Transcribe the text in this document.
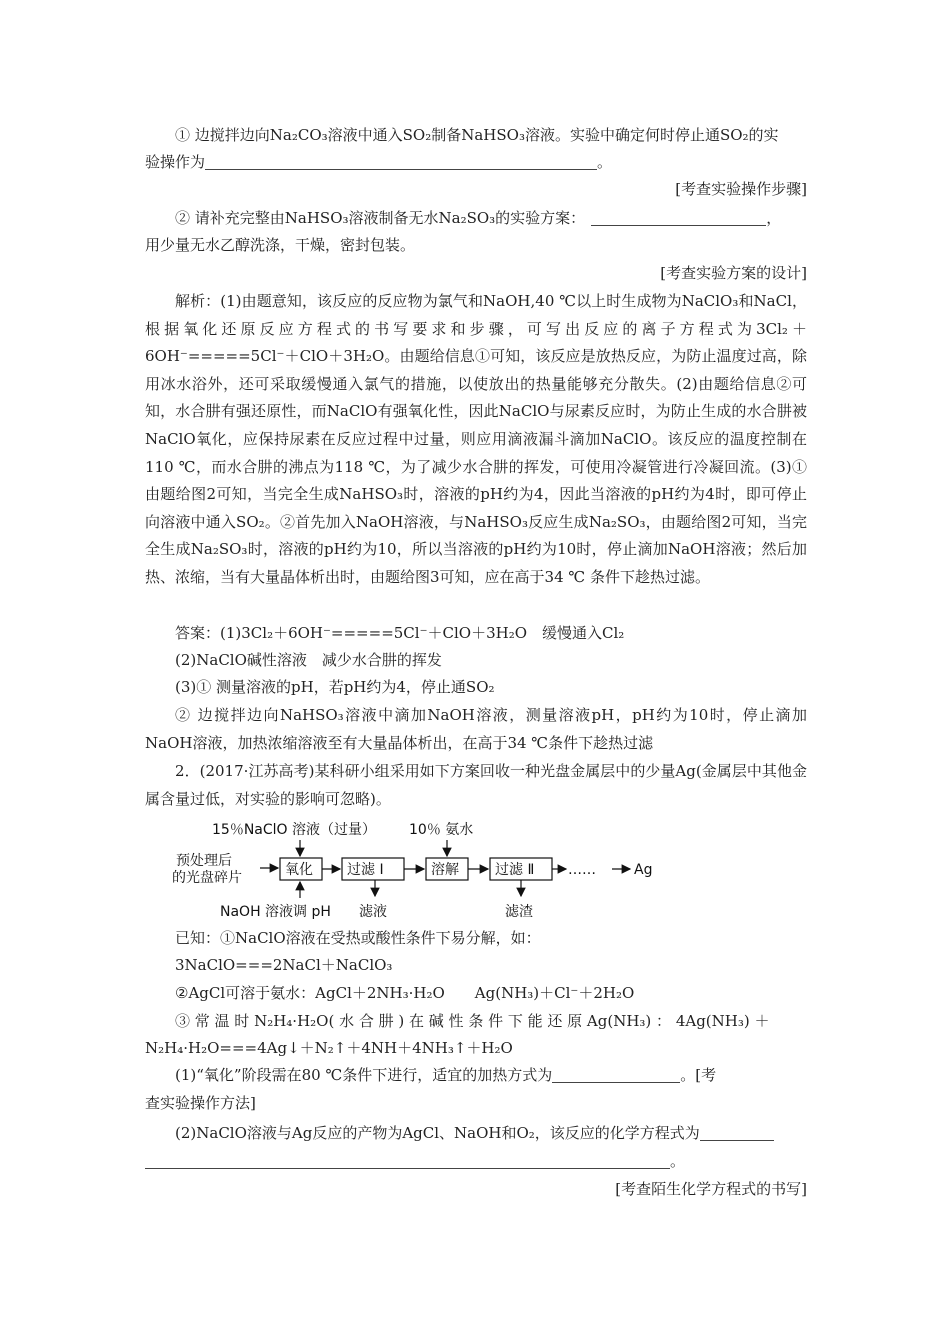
① 边搅拌边向Na₂CO₃溶液中通入SO₂制备NaHSO₃溶液。实验中确定何时停止通SO₂的实
验操作为	。
[考查实验操作步骤]
② 请补充完整由NaHSO₃溶液制备无水Na₂SO₃的实验方案：	，
用少量无水乙醇洗涤，干燥，密封包装。
[考查实验方案的设计]
解析：(1)由题意知，该反应的反应物为氯气和NaOH,40 ℃以上时生成物为NaClO₃和NaCl，根据氧化还原反应方程式的书写要求和步骤，可写出反应的离子方程式为3Cl₂＋6OH⁻=====5Cl⁻＋ClO＋3H₂O。由题给信息①可知，该反应是放热反应，为防止温度过高，除用冰水浴外，还可采取缓慢通入氯气的措施，以使放出的热量能够充分散失。(2)由题给信息②可知，水合肼有强还原性，而NaClO有强氧化性，因此NaClO与尿素反应时，为防止生成的水合肼被NaClO氧化，应保持尿素在反应过程中过量，则应用滴液漏斗滴加NaClO。该反应的温度控制在110 ℃，而水合肼的沸点为118 ℃，为了减少水合肼的挥发，可使用冷凝管进行冷凝回流。(3)① 由题给图2可知，当完全生成NaHSO₃时，溶液的pH约为4，因此当溶液的pH约为4时，即可停止向溶液中通入SO₂。②首先加入NaOH溶液，与NaHSO₃反应生成Na₂SO₃，由题给图2可知，当完全生成Na₂SO₃时，溶液的pH约为10，所以当溶液的pH约为10时，停止滴加NaOH溶液；然后加热、浓缩，当有大量晶体析出时，由题给图3可知，应在高于34 ℃ 条件下趁热过滤。
答案：(1)3Cl₂＋6OH⁻=====5Cl⁻＋ClO＋3H₂O　缓慢通入Cl₂
(2)NaClO碱性溶液　减少水合肼的挥发
(3)① 测量溶液的pH，若pH约为4，停止通SO₂
② 边搅拌边向NaHSO₃溶液中滴加NaOH溶液，测量溶液pH，pH约为10时，停止滴加NaOH溶液，加热浓缩溶液至有大量晶体析出，在高于34 ℃条件下趁热过滤
2．(2017·江苏高考)某科研小组采用如下方案回收一种光盘金属层中的少量Ag(金属层中其他金属含量过低，对实验的影响可忽略)。
15％NaClO 溶液（过量） 10％ 氨水
预处理后
的光盘碎片	氧化 过滤 Ⅰ	溶解	过滤 Ⅱ ……	Ag
NaOH 溶液调 pH 滤液	滤渣
已知：①NaClO溶液在受热或酸性条件下易分解，如：
3NaClO===2NaCl＋NaClO₃
②AgCl可溶于氨水：AgCl＋2NH₃·H₂O　　Ag(NH₃)＋Cl⁻＋2H₂O
③ 常 温 时 N₂H₄·H₂O( 水 合 肼 ) 在 碱 性 条 件 下 能 还 原 Ag(NH₃) ： 4Ag(NH₃) ＋
N₂H₄·H₂O===4Ag↓＋N₂↑＋4NH＋4NH₃↑＋H₂O
(1)“氧化”阶段需在80 ℃条件下进行，适宜的加热方式为	。[考
查实验操作方法]
(2)NaClO溶液与Ag反应的产物为AgCl、NaOH和O₂，该反应的化学方程式为
。
[考查陌生化学方程式的书写]
